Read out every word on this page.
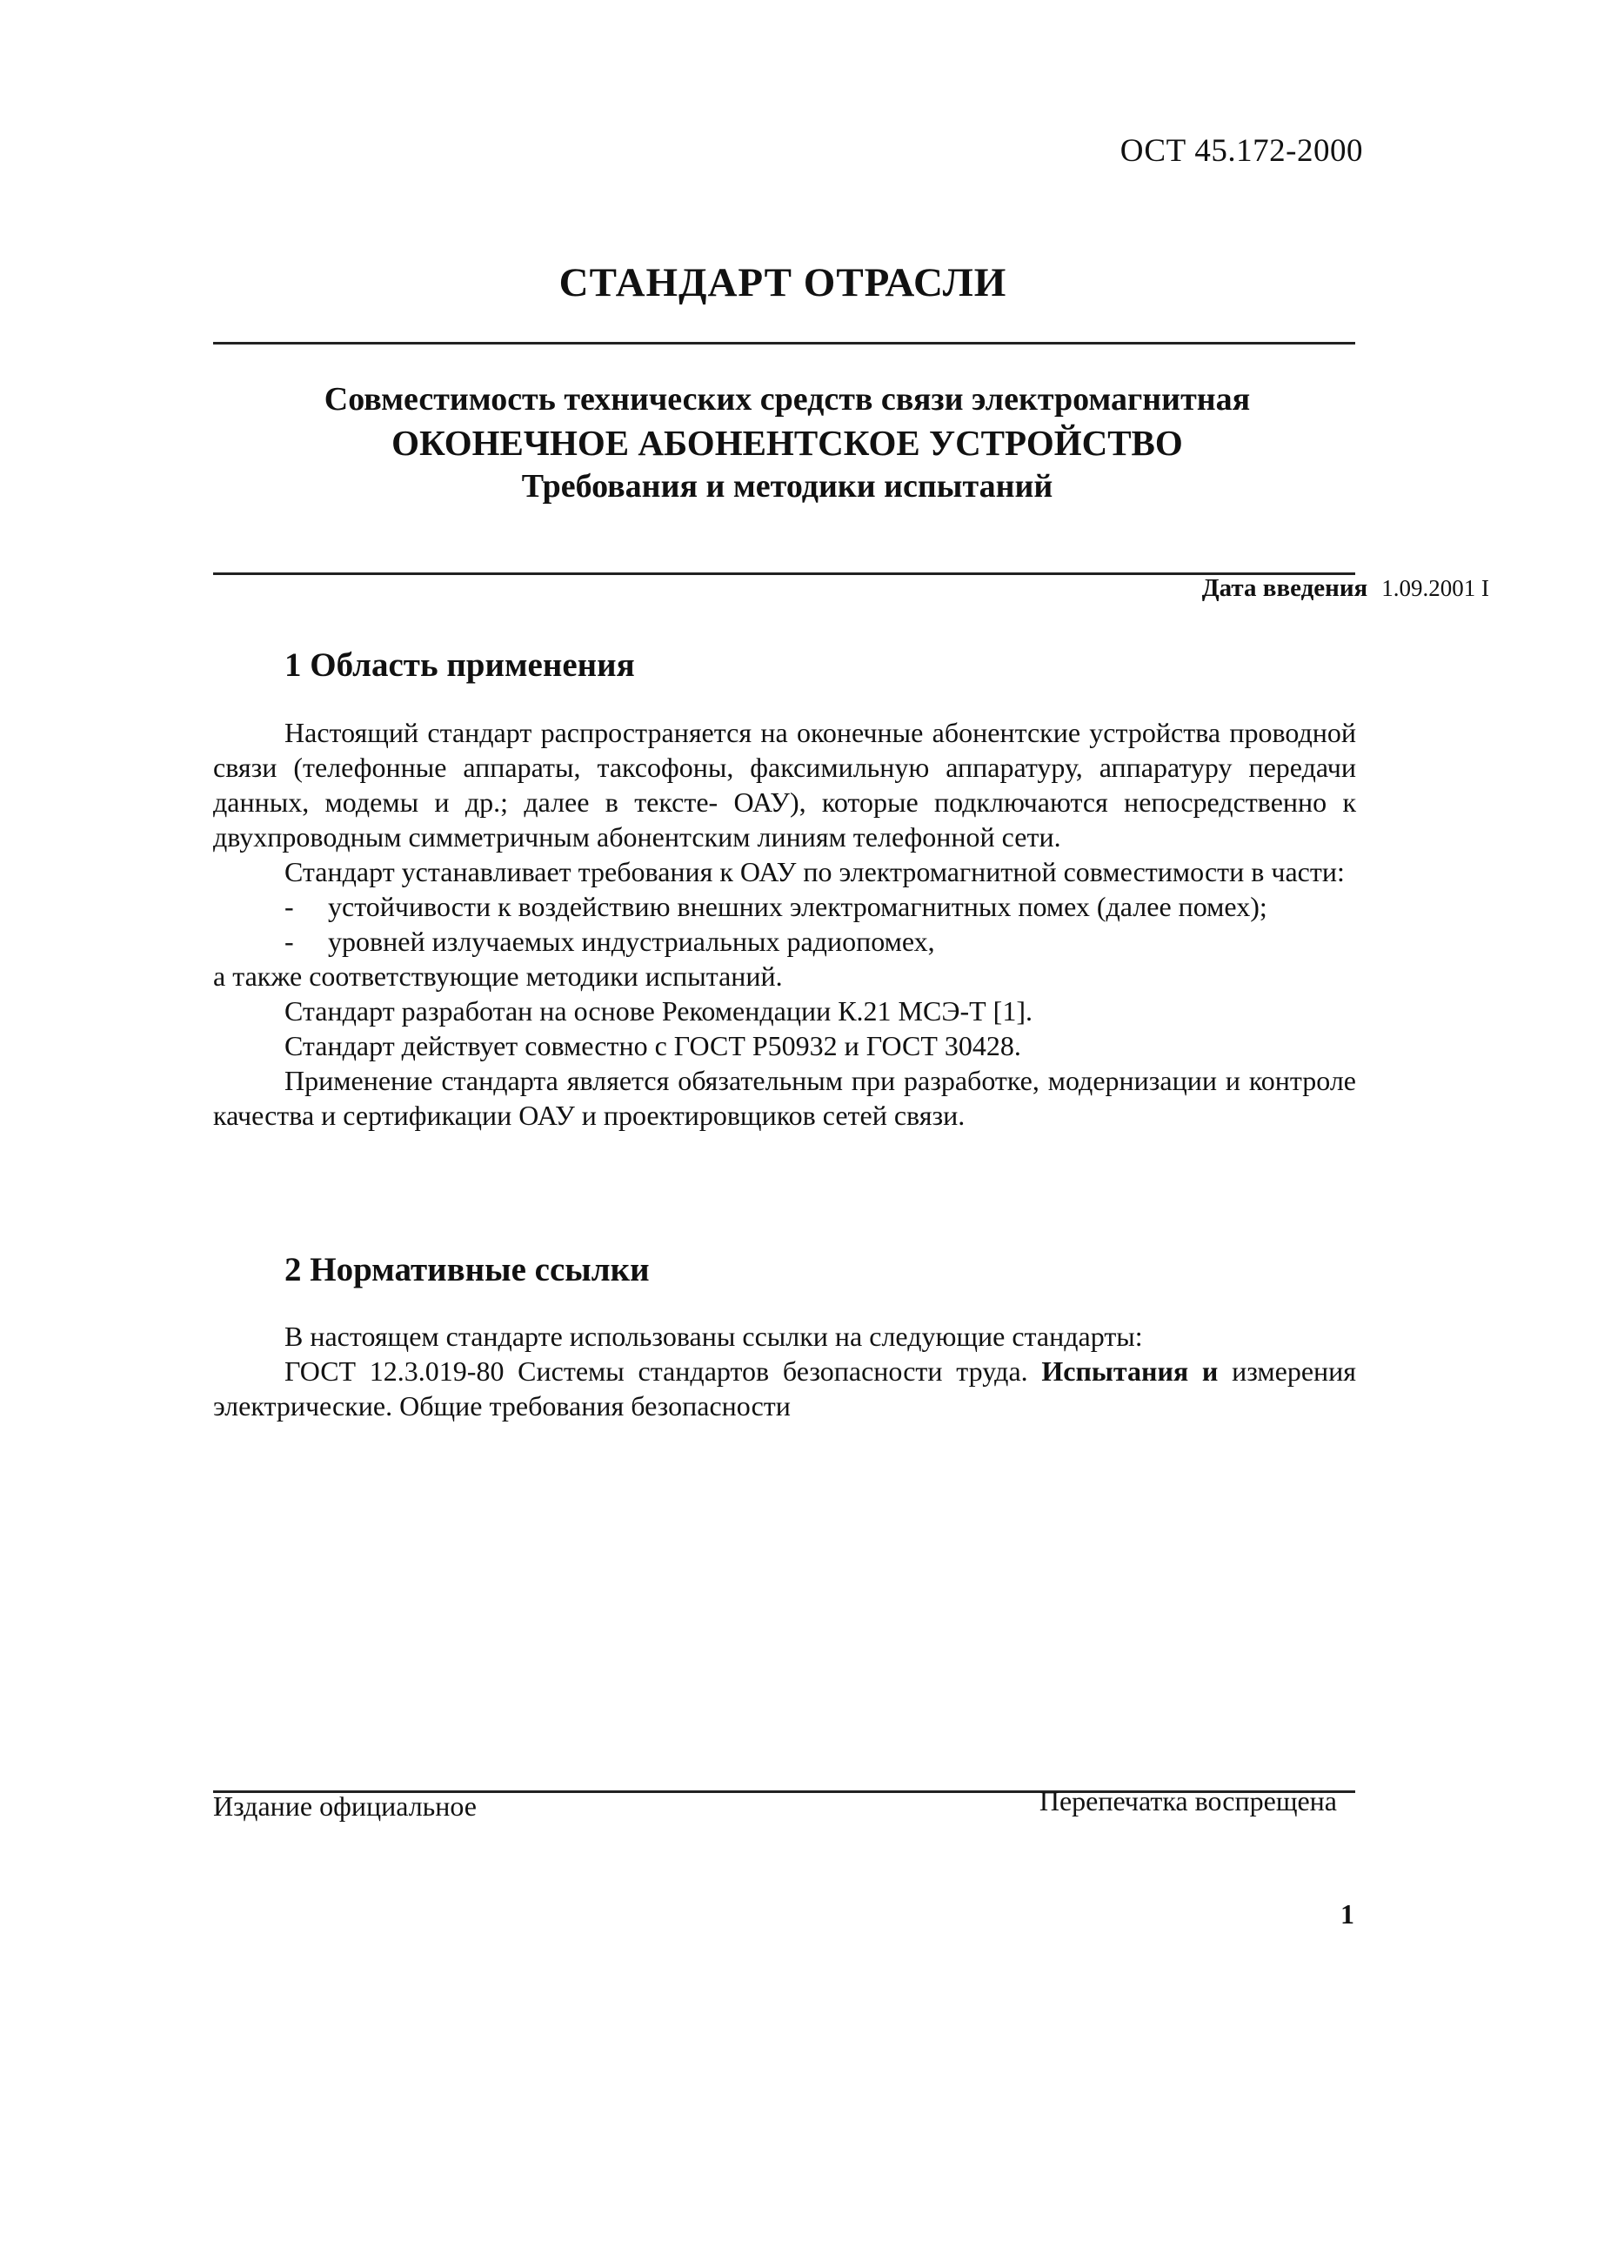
ОСТ 45.172-2000
СТАНДАРТ ОТРАСЛИ
Совместимость технических средств связи электромагнитная
ОКОНЕЧНОЕ АБОНЕНТСКОЕ УСТРОЙСТВО
Требования и методики испытаний
Дата введения 1.09.2001 I
1 Область применения

Настоящий стандарт распространяется на оконечные абонентские устройства проводной связи (телефонные аппараты, таксофоны, факсимильную аппаратуру, аппаратуру передачи данных, модемы и др.; далее в тексте- ОАУ), которые подключаются непосредственно к двухпроводным симметричным абонентским линиям телефонной сети.

Стандарт устанавливает требования к ОАУ по электромагнитной совместимости в части:

- устойчивости к воздействию внешних электромагнитных помех (далее помех);

- уровней излучаемых индустриальных радиопомех,

а также соответствующие методики испытаний.

Стандарт разработан на основе Рекомендации К.21 МСЭ-Т [1].

Стандарт действует совместно с ГОСТ Р50932 и ГОСТ 30428.

Применение стандарта является обязательным при разработке, модернизации и контроле качества и сертификации ОАУ и проектировщиков сетей связи.

2 Нормативные ссылки

В настоящем стандарте использованы ссылки на следующие стандарты:

ГОСТ 12.3.019-80 Системы стандартов безопасности труда. Испытания и измерения электрические. Общие требования безопасности

Издание официальное	Перепечатка воспрещена
1
